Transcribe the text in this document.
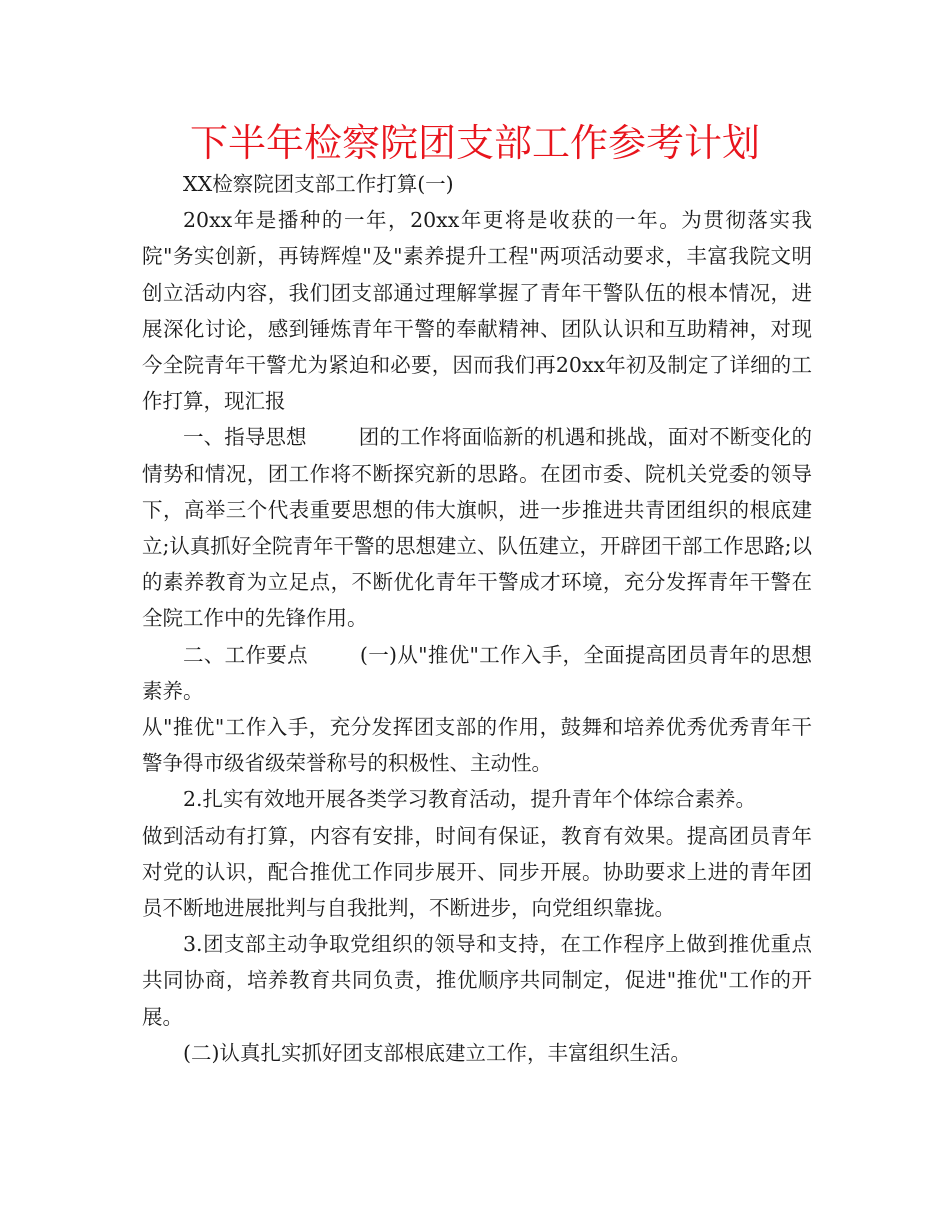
下半年检察院团支部工作参考计划

XX检察院团支部工作打算(一)

20xx年是播种的一年，20xx年更将是收获的一年。为贯彻落实我院"务实创新，再铸辉煌"及"素养提升工程"两项活动要求，丰富我院文明创立活动内容，我们团支部通过理解掌握了青年干警队伍的根本情况，进展深化讨论，感到锤炼青年干警的奉献精神、团队认识和互助精神，对现今全院青年干警尤为紧迫和必要，因而我们再20xx年初及制定了详细的工作打算，现汇报

一、指导思想	团的工作将面临新的机遇和挑战，面对不断变化的情势和情况，团工作将不断探究新的思路。在团市委、院机关党委的领导下，高举三个代表重要思想的伟大旗帜，进一步推进共青团组织的根底建立;认真抓好全院青年干警的思想建立、队伍建立，开辟团干部工作思路;以的素养教育为立足点，不断优化青年干警成才环境，充分发挥青年干警在全院工作中的先锋作用。

二、工作要点	(一)从"推优"工作入手，全面提高团员青年的思想素养。

从"推优"工作入手，充分发挥团支部的作用，鼓舞和培养优秀优秀青年干警争得市级省级荣誉称号的积极性、主动性。

2.扎实有效地开展各类学习教育活动，提升青年个体综合素养。

做到活动有打算，内容有安排，时间有保证，教育有效果。提高团员青年对党的认识，配合推优工作同步展开、同步开展。协助要求上进的青年团员不断地进展批判与自我批判，不断进步，向党组织靠拢。

3.团支部主动争取党组织的领导和支持，在工作程序上做到推优重点共同协商，培养教育共同负责，推优顺序共同制定，促进"推优"工作的开展。

(二)认真扎实抓好团支部根底建立工作，丰富组织生活。
